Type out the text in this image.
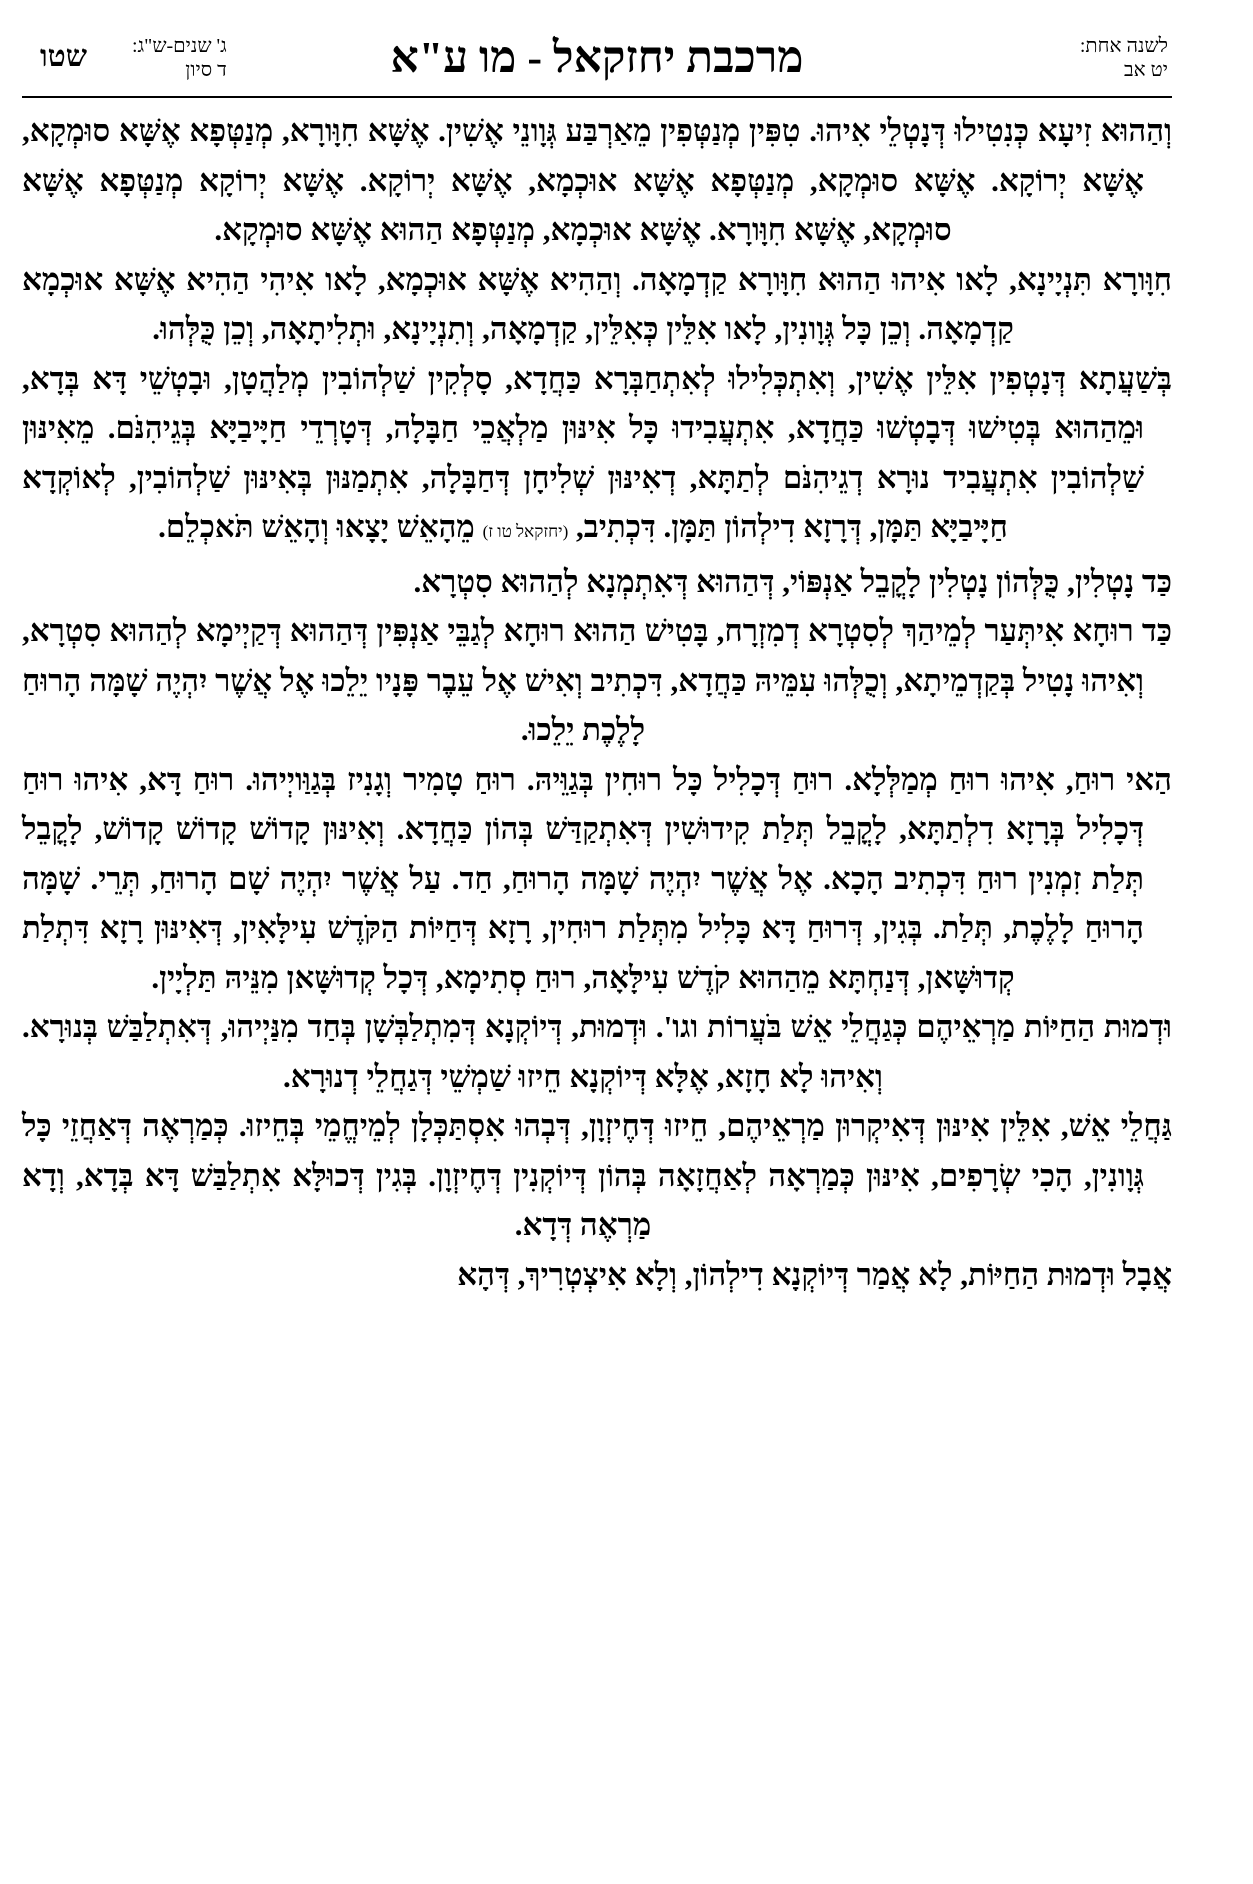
לשנה אחת:
יט אב
מרכבת יחזקאל - מו ע"א
ג' שנים-ש"ג:
ד סיון
שטו

וְהַהוּא זִיעָא כְּנִטִילוּ דְּנָטְלֵי אִיהוּ. טִפִּין מְנַטְּפִין מֵאַרְבַּע גְּוָונֵי אֶשִׁין. אֶשָּׁא חִוָּורָא, מְנַטְּפָא אֶשָּׁא סוּמְקָא, אֶשָּׁא יְרוֹקָא. אֶשָּׁא סוּמְקָא, מְנַטְּפָא אֶשָּׁא אוּכְמָא, אֶשָּׁא יְרוֹקָא. אֶשָּׁא יְרוֹקָא מְנַטְּפָא אֶשָּׁא סוּמְקָא, אֶשָּׁא חִוָּורָא. אֶשָּׁא אוּכְמָא, מְנַטְּפָא הַהוּא אֶשָּׁא סוּמְקָא.

חִוָּורָא תִּנְיָינָא, לָאו אִיהוּ הַהוּא חִוָּורָא קַדְמָאָה. וְהַהִיא אֶשָּׁא אוּכְמָא, לָאו אִיהִי הַהִיא אֶשָּׁא אוּכְמָא קַדְמָאָה. וְכֵן כָּל גְּוָונִין, לָאו אִלֵּין כְּאִלֵּין, קַדְמָאָה, וְתִנְיָינָא, וּתְלִיתָאָה, וְכֵן כֻּלְּהוּ.

בְּשַׁעֲתָא דְּנָטְפִין אִלֵּין אֶשִׁין, וְאִתְכְּלִילוּ לְאִתְחַבְּרָא כַּחֲדָא, סָלְקִין שַׁלְהוֹבִין מְלַהֲטָן, וּבָטְשֵׁי דָּא בְּדָא, וּמֵהַהוּא בְּטִישׁוּ דְּבָטְשׁוּ כַּחֲדָא, אִתְעֲבִידוּ כָּל אִינּוּן מַלְאֲכֵי חַבָּלָה, דְּטָרְדֵי חַיָּיבַיָּא בְּגֵיהִנֹּם. מֵאִינּוּן שַׁלְהוֹבִין אִתְעֲבִיד נוּרָא דְגֵיהִנֹּם לְתַתָּא, דְאִינּוּן שְׁלִיחָן דְּחַבָּלָה, אִתְמַנּוּן בְּאִינּוּן שַׁלְהוֹבִין, לְאוֹקְדָא חַיָּיבַיָּא תַּמָּן, דְּרָזָא דִילְהוֹן תַּמָּן. דִּכְתִיב, (יחזקאל טו ז) מֵהָאֵשׁ יָצָאוּ וְהָאֵשׁ תֹּאכְלֵם.

כַּד נָטְלִין, כֻּלְּהוֹן נָטְלִין לָקֳבֵל אַנְפּוֹי, דְּהַהוּא דְּאִתְמְנָא לְהַהוּא סִטְרָא.

כַּד רוּחָא אִיתְּעַר לְמֵיהַךְ לְסִטְרָא דְמִזְרָח, בָּטִישׁ הַהוּא רוּחָא לְגַבֵּי אַנְפִּין דְּהַהוּא דְּקַיְימָא לְהַהוּא סִטְרָא, וְאִיהוּ נָטִיל בְּקַדְמֵיתָא, וְכֻלְּהוּ עִמֵּיהּ כַּחֲדָא, דִּכְתִיב וְאִישׁ אֶל עֵבֶר פָּנָיו יֵלֵכוּ אֶל אֲשֶׁר יִהְיֶה שָׁמָּה הָרוּחַ לָלֶכֶת יֵלֵכוּ.

הַאי רוּחַ, אִיהוּ רוּחַ מְמַלְּלָא. רוּחַ דְּכָלִיל כָּל רוּחִין בְּגַוֵּיהּ. רוּחַ טָמִיר וְגָנִיז בְּגַוַּויְיהוּ. רוּחַ דָּא, אִיהוּ רוּחַ דְּכָלִיל בְּרָזָא דִלְתַתָּא, לָקֳבֵל תְּלַת קִידוּשִׁין דְּאִתְקַדַּשׁ בְּהוֹן כַּחֲדָא. וְאִינּוּן קָדוֹשׁ קָדוֹשׁ קָדוֹשׁ, לָקֳבֵל תְּלַת זִמְנִין רוּחַ דִּכְתִיב הָכָא. אֶל אֲשֶׁר יִהְיֶה שָׁמָּה הָרוּחַ, חַד. עַל אֲשֶׁר יִהְיֶה שָׁם הָרוּחַ, תְּרֵי. שָׁמָּה הָרוּחַ לָלֶכֶת, תְּלַת. בְּגִין, דְּרוּחַ דָּא כָּלִיל מִתְּלַת רוּחִין, רָזָא דְּחַיּוֹת הַקֹּדֶשׁ עִילָּאִין, דְּאִינּוּן רָזָא דִּתְלַת קְדוּשָּׁאן, דְּנַחְתָּא מֵהַהוּא קֹדֶשׁ עִילָּאָה, רוּחַ סְתִימָא, דְּכָל קְדוּשָּׁאן מִנֵּיהּ תַּלְיָין.

וּדְמוּת הַחַיּוֹת מַרְאֵיהֶם כְּגַחֲלֵי אֵשׁ בֹּעֲרוֹת וגו'. וּדְמוּת, דְּיוֹקְנָא דְּמִתְלַבְּשָׁן בְּחַד מִנַּיְיהוּ, דְּאִתְלַבַּשׁ בְּנוּרָא. וְאִיהוּ לָא חָזָא, אֶלָּא דְּיוֹקְנָא חֵיזוּ שַׁמְשֵׁי דְּגַחֲלֵי דְנוּרָא.

גַּחֲלֵי אֵשׁ, אִלֵּין אִינּוּן דְּאִיקְרוּן מַרְאֵיהֶם, חֵיזוּ דְּחֶיזְוָן, דְּבְהוּ אִסְתַּכְּלָן לְמֵיחֱמֵי בְּחֵיזוּ. כְּמַרְאֶה דְּאַחֲזֵי כָּל גְּוָונִין, הָכִי שְׂרָפִים, אִינּוּן כְּמַרְאָה לְאַחֲזָאָה בְּהוֹן דְּיוֹקְנִין דְּחֶיזְוָן. בְּגִין דְּכוּלָּא אִתְלַבַּשׁ דָּא בְּדָא, וְדָא מַרְאֶה דְּדָא.

אֲבָל וּדְמוּת הַחַיּוֹת, לָא אֲמַר דְּיוֹקְנָא דִילְהוֹן, וְלָא אִיצְטְרִיךְ, דְּהָא
